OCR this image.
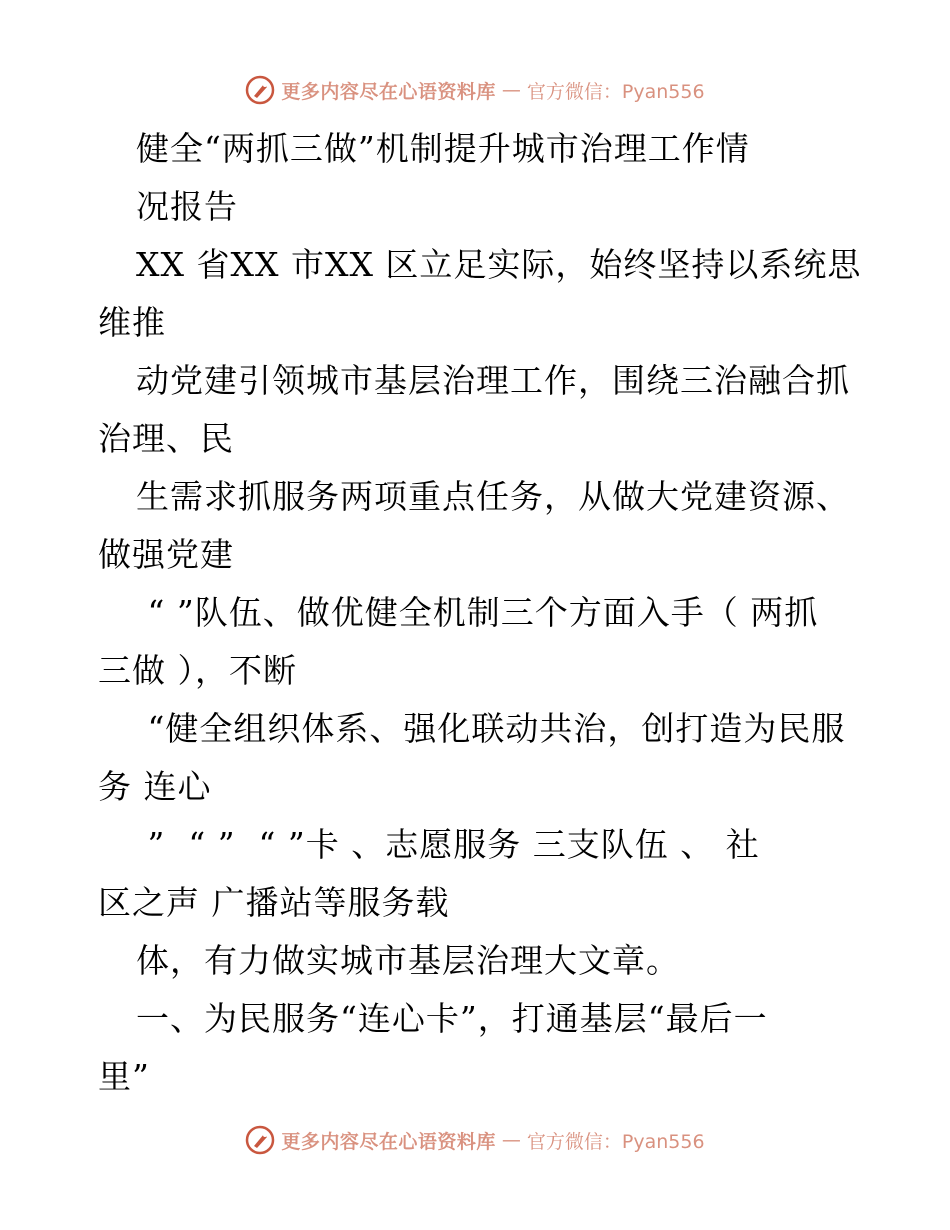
更多内容尽在心语资料库 — 官方微信：Pyan556
健全“两抓三做”机制提升城市治理工作情
况报告
XX 省XX 市XX 区立足实际，始终坚持以系统思
维推
动党建引领城市基层治理工作，围绕三治融合抓
治理、民
生需求抓服务两项重点任务，从做大党建资源、
做强党建
“ ”队伍、做优健全机制三个方面入手（ 两抓
三做 ），不断
“健全组织体系、强化联动共治，创打造为民服
务 连心
”  “ ”  “ ”卡 、志愿服务 三支队伍 、 社
区之声 广播站等服务载
体，有力做实城市基层治理大文章。
一、为民服务“连心卡”，打通基层“最后一
里”
更多内容尽在心语资料库 — 官方微信：Pyan556
